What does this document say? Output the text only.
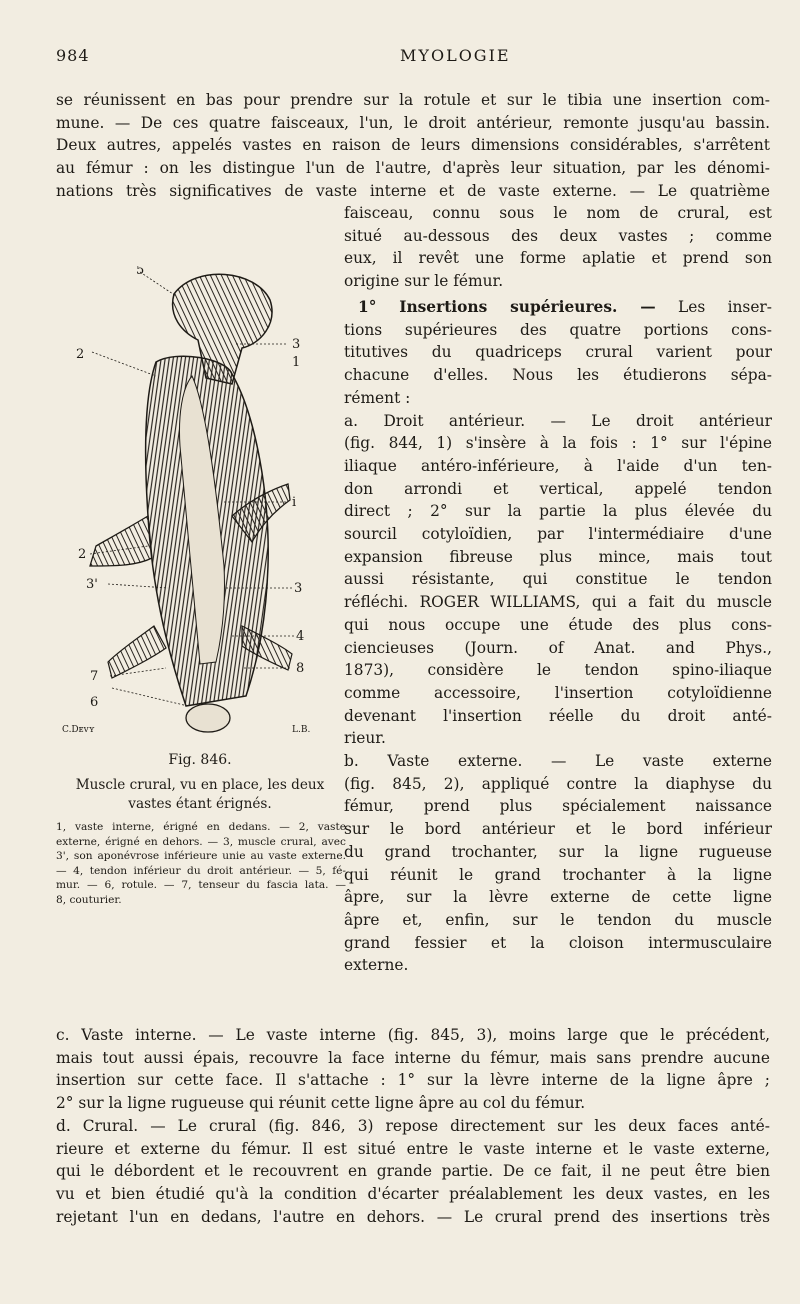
984	MYOLOGIE

se réunissent en bas pour prendre sur la rotule et sur le tibia une insertion com-
mune. — De ces quatre faisceaux, l'un, le droit antérieur, remonte jusqu'au bassin.
Deux autres, appelés vastes en raison de leurs dimensions considérables, s'arrêtent
au fémur : on les distingue l'un de l'autre, d'après leur situation, par les dénomi-
nations très significatives de vaste interne et de vaste externe. — Le quatrième

faisceau, connu sous le nom de crural, est
situé au-dessous des deux vastes ; comme
eux, il revêt une forme aplatie et prend son
origine sur le fémur.

1° Insertions supérieures. — Les inser-
tions supérieures des quatre portions cons-
titutives du quadriceps crural varient pour
chacune d'elles. Nous les étudierons sépa-
rément :
a. Droit antérieur. — Le droit antérieur
(fig. 844, 1) s'insère à la fois : 1° sur l'épine
iliaque antéro-inférieure, à l'aide d'un ten-
don arrondi et vertical, appelé tendon
direct ; 2° sur la partie la plus élevée du
sourcil cotyloïdien, par l'intermédiaire d'une
expansion fibreuse plus mince, mais tout
aussi résistante, qui constitue le tendon
réfléchi. ROGER WILLIAMS, qui a fait du muscle
qui nous occupe une étude des plus cons-
ciencieuses (Journ. of Anat. and Phys.,
1873), considère le tendon spino-iliaque
comme accessoire, l'insertion cotyloïdienne
devenant l'insertion réelle du droit anté-
rieur.
b. Vaste externe. — Le vaste externe
(fig. 845, 2), appliqué contre la diaphyse du
fémur, prend plus spécialement naissance
sur le bord antérieur et le bord inférieur
du grand trochanter, sur la ligne rugueuse
qui réunit le grand trochanter à la ligne
âpre, sur la lèvre externe de cette ligne
âpre et, enfin, sur le tendon du muscle
grand fessier et la cloison intermusculaire
externe.

c. Vaste interne. — Le vaste interne (fig. 845, 3), moins large que le précédent,
mais tout aussi épais, recouvre la face interne du fémur, mais sans prendre aucune
insertion sur cette face. Il s'attache : 1° sur la lèvre interne de la ligne âpre ;
2° sur la ligne rugueuse qui réunit cette ligne âpre au col du fémur.
d. Crural. — Le crural (fig. 846, 3) repose directement sur les deux faces anté-
rieure et externe du fémur. Il est situé entre le vaste interne et le vaste externe,
qui le débordent et le recouvrent en grande partie. De ce fait, il ne peut être bien
vu et bien étudié qu'à la condition d'écarter préalablement les deux vastes, en les
rejetant l'un en dedans, l'autre en dehors. — Le crural prend des insertions très

5
3
1
2
i
2
3'	3
4
7
8
6
C.Dᴇᴠʏ	L.B.
Fig. 846.
Muscle crural, vu en place, les deux
vastes étant érignés.
1, vaste interne, érigné en dedans. — 2, vaste
externe, érigné en dehors. — 3, muscle crural, avec
3', son aponévrose inférieure unie au vaste externe.
— 4, tendon inférieur du droit antérieur. — 5, fé-
mur. — 6, rotule. — 7, tenseur du fascia lata. —
8, couturier.
